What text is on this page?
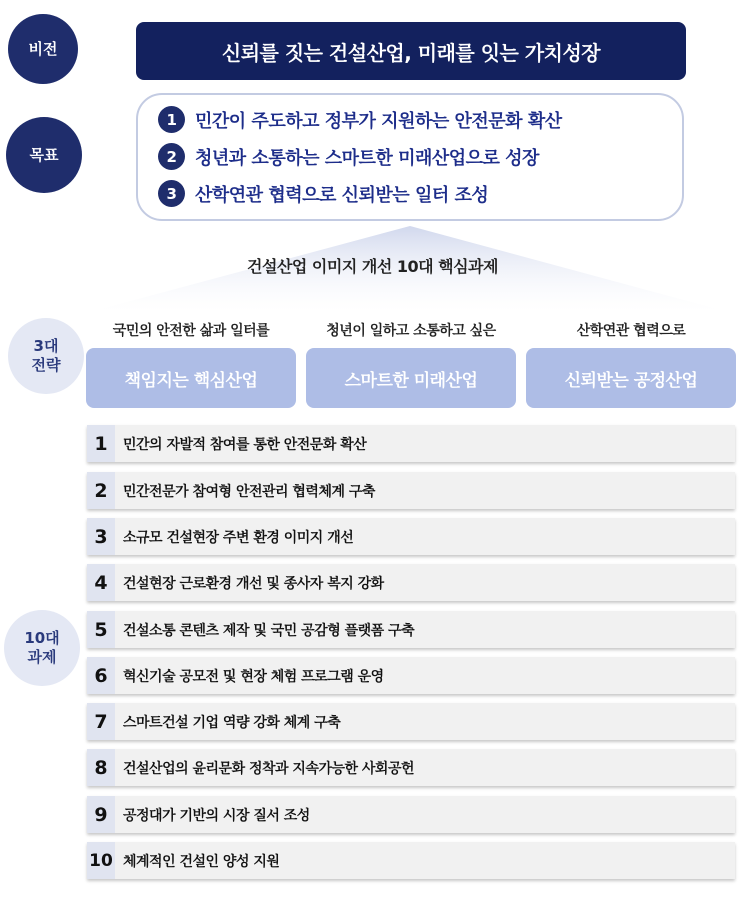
비전	신뢰를 짓는 건설산업, 미래를 잇는 가치성장
목표
1	민간이 주도하고 정부가 지원하는 안전문화 확산
2	청년과 소통하는 스마트한 미래산업으로 성장
3	산학연관 협력으로 신뢰받는 일터 조성
건설산업 이미지 개선 10대 핵심과제
3대
전략
국민의 안전한 삶과 일터를	청년이 일하고 소통하고 싶은	산학연관 협력으로
책임지는 핵심산업	스마트한 미래산업	신뢰받는 공정산업
10대
과제
1	민간의 자발적 참여를 통한 안전문화 확산
2	민간전문가 참여형 안전관리 협력체계 구축
3	소규모 건설현장 주변 환경 이미지 개선
4	건설현장 근로환경 개선 및 종사자 복지 강화
5	건설소통 콘텐츠 제작 및 국민 공감형 플랫폼 구축
6	혁신기술 공모전 및 현장 체험 프로그램 운영
7	스마트건설 기업 역량 강화 체계 구축
8	건설산업의 윤리문화 정착과 지속가능한 사회공헌
9	공정대가 기반의 시장 질서 조성
10 체계적인 건설인 양성 지원
